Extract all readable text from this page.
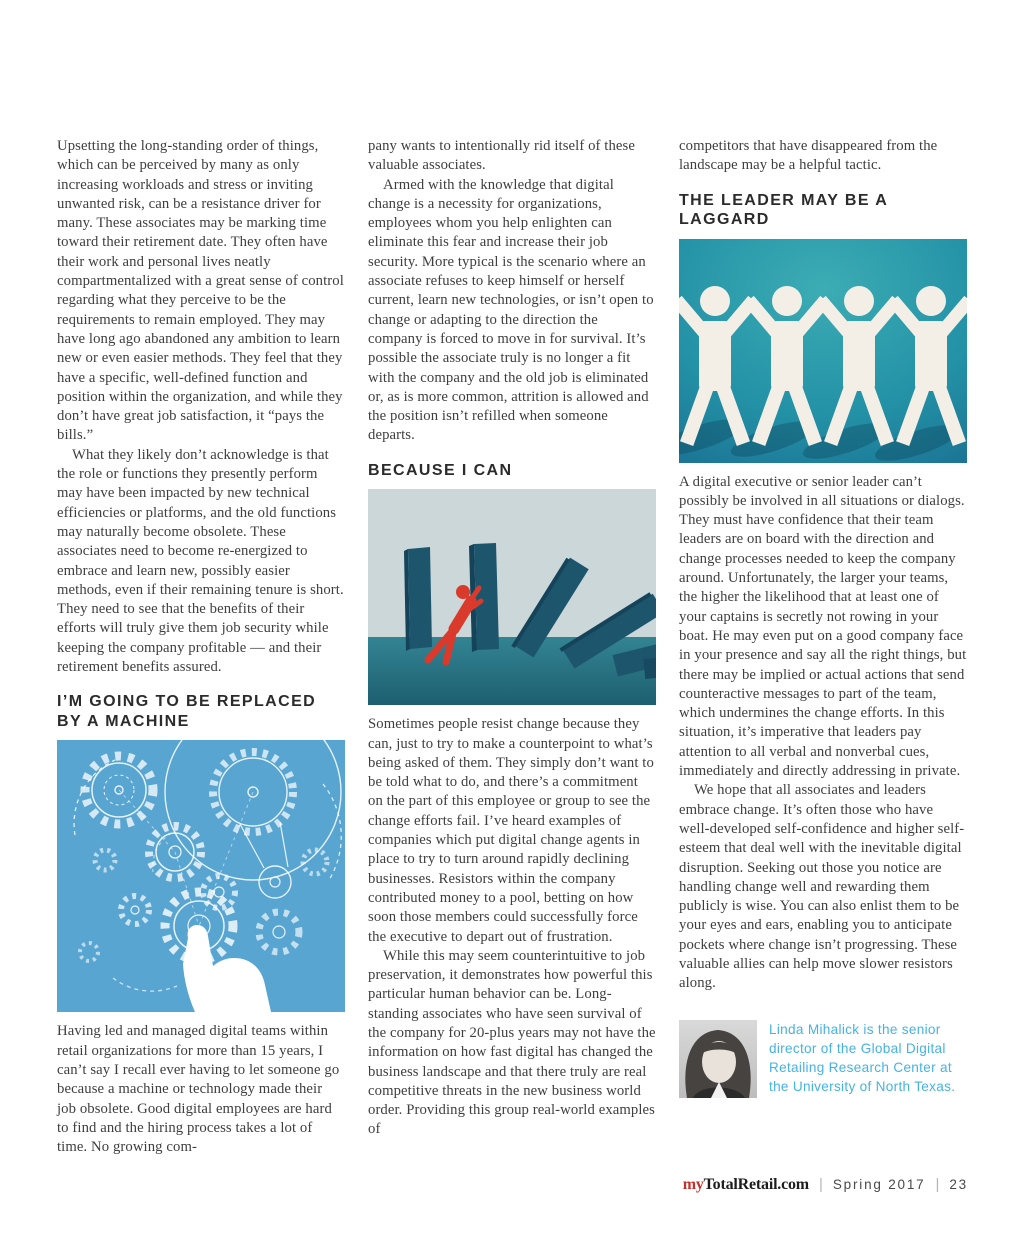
Upsetting the long-standing order of things, which can be perceived by many as only increasing workloads and stress or inviting unwanted risk, can be a resistance driver for many. These associates may be marking time toward their retirement date. They often have their work and personal lives neatly compartmentalized with a great sense of control regarding what they perceive to be the requirements to remain employed. They may have long ago abandoned any ambition to learn new or even easier methods. They feel that they have a specific, well-defined function and position within the organization, and while they don’t have great job satisfaction, it “pays the bills.”

What they likely don’t acknowledge is that the role or functions they presently perform may have been impacted by new technical efficiencies or platforms, and the old functions may naturally become obsolete. These associates need to become re-energized to embrace and learn new, possibly easier methods, even if their remaining tenure is short. They need to see that the benefits of their efforts will truly give them job security while keeping the company profitable — and their retirement benefits assured.

I’M GOING TO BE REPLACED BY A MACHINE

Having led and managed digital teams within retail organizations for more than 15 years, I can’t say I recall ever having to let someone go because a machine or technology made their job obsolete. Good digital employees are hard to find and the hiring process takes a lot of time. No growing com-

pany wants to intentionally rid itself of these valuable associates.

Armed with the knowledge that digital change is a necessity for organizations, employees whom you help enlighten can eliminate this fear and increase their job security. More typical is the scenario where an associate refuses to keep himself or herself current, learn new technologies, or isn’t open to change or adapting to the direction the company is forced to move in for survival. It’s possible the associate truly is no longer a fit with the company and the old job is eliminated or, as is more common, attrition is allowed and the position isn’t refilled when someone departs.

BECAUSE I CAN

Sometimes people resist change because they can, just to try to make a counterpoint to what’s being asked of them. They simply don’t want to be told what to do, and there’s a commitment on the part of this employee or group to see the change efforts fail. I’ve heard examples of companies which put digital change agents in place to try to turn around rapidly declining businesses. Resistors within the company contributed money to a pool, betting on how soon those members could successfully force the executive to depart out of frustration.

While this may seem counterintuitive to job preservation, it demonstrates how powerful this particular human behavior can be. Long-standing associates who have seen survival of the company for 20-plus years may not have the information on how fast digital has changed the business landscape and that there truly are real competitive threats in the new business world order. Providing this group real-world examples of

competitors that have disappeared from the landscape may be a helpful tactic.

THE LEADER MAY BE A LAGGARD

A digital executive or senior leader can’t possibly be involved in all situations or dialogs. They must have confidence that their team leaders are on board with the direction and change processes needed to keep the company around. Unfortunately, the larger your teams, the higher the likelihood that at least one of your captains is secretly not rowing in your boat. He may even put on a good company face in your presence and say all the right things, but there may be implied or actual actions that send counteractive messages to part of the team, which undermines the change efforts. In this situation, it’s imperative that leaders pay attention to all verbal and nonverbal cues, immediately and directly addressing in private.

We hope that all associates and leaders embrace change. It’s often those who have well-developed self-confidence and higher self-esteem that deal well with the inevitable digital disruption. Seeking out those you notice are handling change well and rewarding them publicly is wise. You can also enlist them to be your eyes and ears, enabling you to anticipate pockets where change isn’t progressing. These valuable allies can help move slower resistors along.

Linda Mihalick is the senior director of the Global Digital Retailing Research Center at the University of North Texas.
myTotalRetail.com | Spring 2017 | 23
